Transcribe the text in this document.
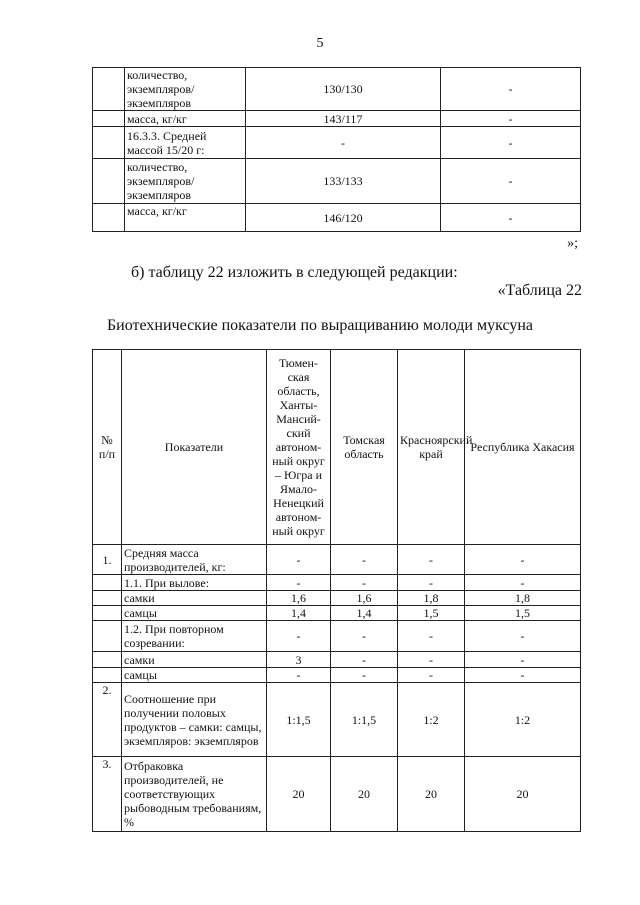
5
	количество, экземпляров/ экземпляров	130/130	-
	масса, кг/кг	143/117	-
	16.3.3. Средней массой 15/20 г:	-	-
	количество, экземпляров/ экземпляров	133/133	-
	масса, кг/кг	146/120	-
»;
б) таблицу 22 изложить в следующей редакции:
«Таблица 22
Биотехнические показатели по выращиванию молоди муксуна
№ п/п	Показатели	Тюмен-ская область, Ханты-Мансий-ский автоном-ный округ – Югра и Ямало-Ненецкий автоном-ный округ	Томская область	Красноярский край	Республика Хакасия
1.	Средняя масса производителей, кг:	-	-	-	-
	1.1. При вылове:	-	-	-	-
	самки	1,6	1,6	1,8	1,8
	самцы	1,4	1,4	1,5	1,5
	1.2. При повторном созревании:	-	-	-	-
	самки	3	-	-	-
	самцы	-	-	-	-
2.	Соотношение при получении половых продуктов – самки: самцы, экземпляров: экземпляров	1:1,5	1:1,5	1:2	1:2
3.	Отбраковка производителей, не соответствующих рыбоводным требованиям, %	20	20	20	20
